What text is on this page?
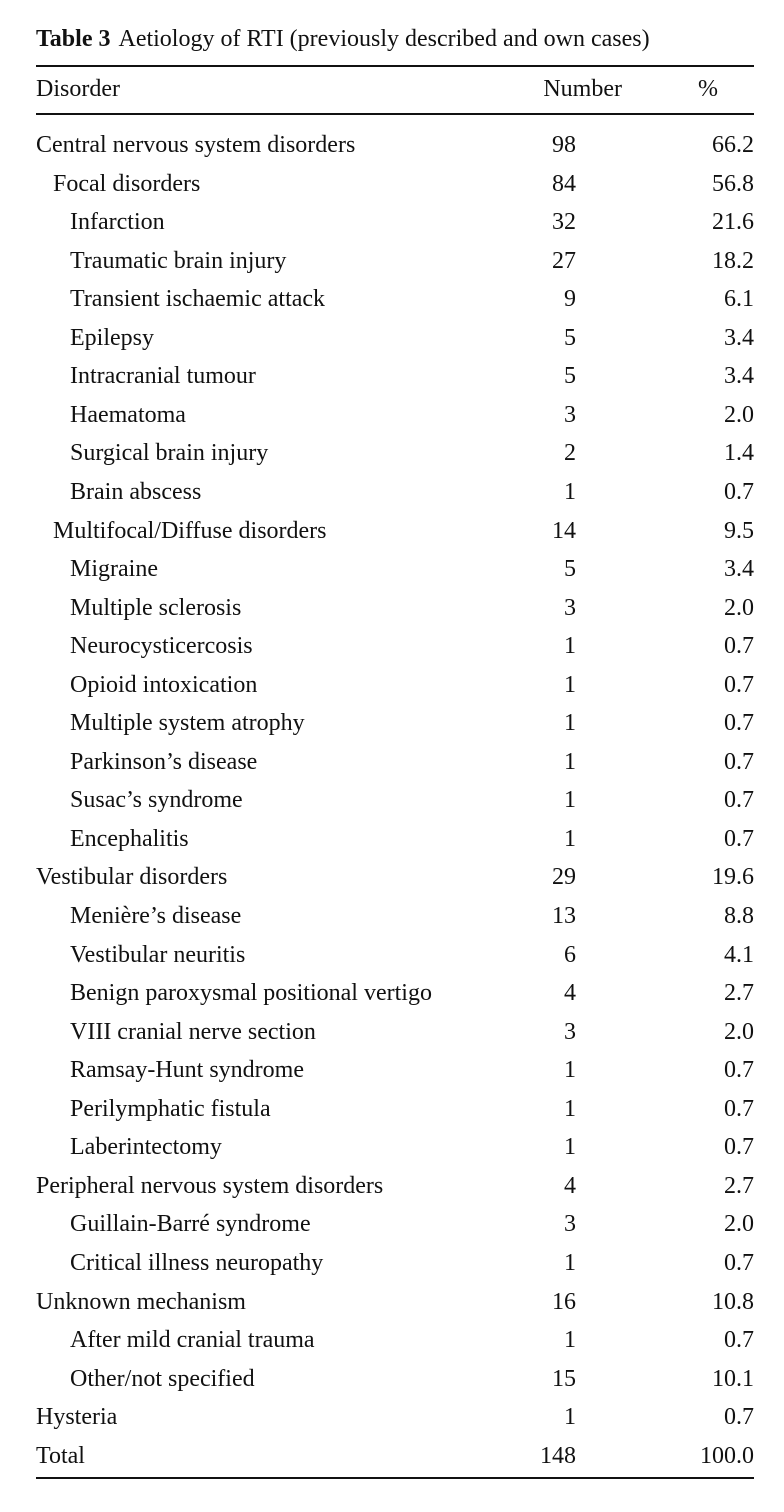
Table 3 Aetiology of RTI (previously described and own cases)
Disorder	Number	%
Central nervous system disorders	98	66.2
Focal disorders	84	56.8
Infarction	32	21.6
Traumatic brain injury	27	18.2
Transient ischaemic attack	9	6.1
Epilepsy	5	3.4
Intracranial tumour	5	3.4
Haematoma	3	2.0
Surgical brain injury	2	1.4
Brain abscess	1	0.7
Multifocal/Diffuse disorders	14	9.5
Migraine	5	3.4
Multiple sclerosis	3	2.0
Neurocysticercosis	1	0.7
Opioid intoxication	1	0.7
Multiple system atrophy	1	0.7
Parkinson’s disease	1	0.7
Susac’s syndrome	1	0.7
Encephalitis	1	0.7
Vestibular disorders	29	19.6
Menière’s disease	13	8.8
Vestibular neuritis	6	4.1
Benign paroxysmal positional vertigo	4	2.7
VIII cranial nerve section	3	2.0
Ramsay-Hunt syndrome	1	0.7
Perilymphatic fistula	1	0.7
Laberintectomy	1	0.7
Peripheral nervous system disorders	4	2.7
Guillain-Barré syndrome	3	2.0
Critical illness neuropathy	1	0.7
Unknown mechanism	16	10.8
After mild cranial trauma	1	0.7
Other/not specified	15	10.1
Hysteria	1	0.7
Total	148	100.0
